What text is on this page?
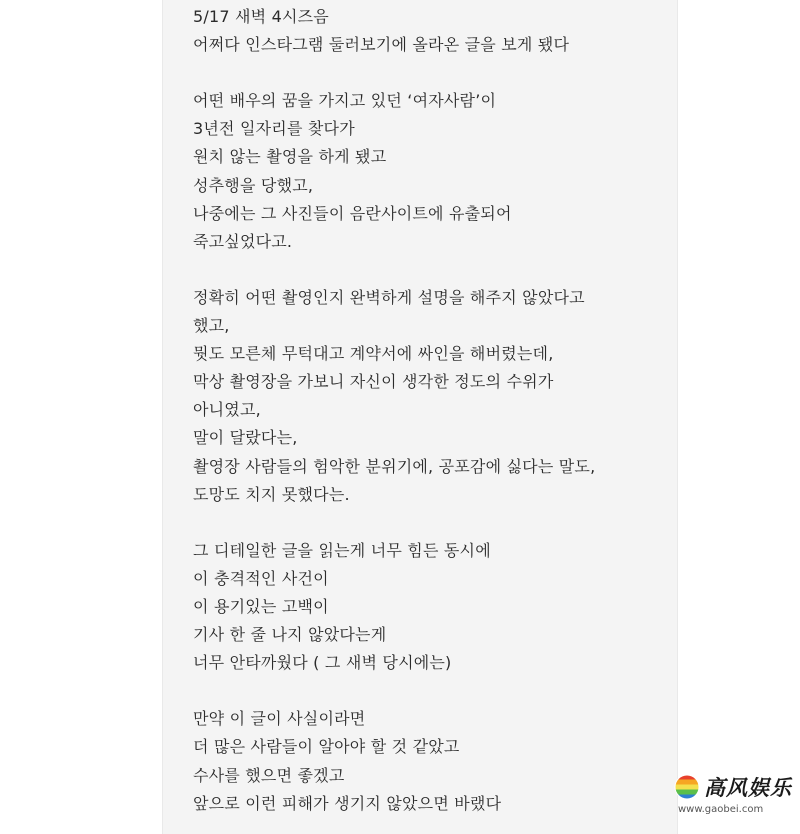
5/17 새벽 4시즈음
어쩌다 인스타그램 둘러보기에 올라온 글을 보게 됐다
어떤 배우의 꿈을 가지고 있던 ‘여자사람’이
3년전 일자리를 찾다가
원치 않는 촬영을 하게 됐고
성추행을 당했고,
나중에는 그 사진들이 음란사이트에 유출되어
죽고싶었다고.
정확히 어떤 촬영인지 완벽하게 설명을 해주지 않았다고
했고,
뭣도 모른체 무턱대고 계약서에 싸인을 해버렸는데,
막상 촬영장을 가보니 자신이 생각한 정도의 수위가
아니였고,
말이 달랐다는,
촬영장 사람들의 험악한 분위기에, 공포감에 싫다는 말도,
도망도 치지 못했다는.
그 디테일한 글을 읽는게 너무 힘든 동시에
이 충격적인 사건이
이 용기있는 고백이
기사 한 줄 나지 않았다는게
너무 안타까웠다 ( 그 새벽 당시에는)
만약 이 글이 사실이라면
더 많은 사람들이 알아야 할 것 같았고
수사를 했으면 좋겠고
앞으로 이런 피해가 생기지 않았으면 바랬다
高风娱乐
www.gaobei.com
